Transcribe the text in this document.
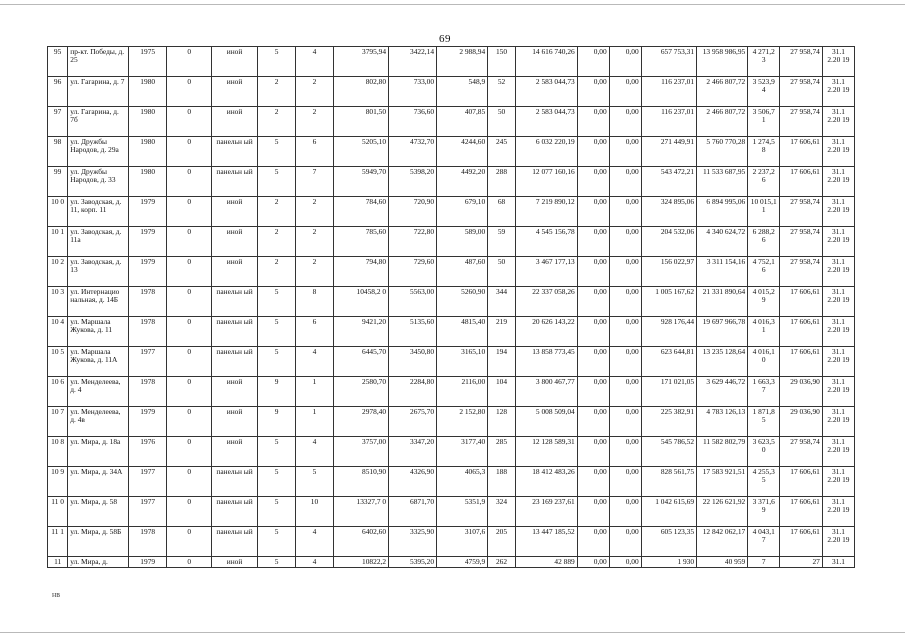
69
95	пр-кт. Победы, д. 25	1975	0	иной	5	4	3795,94	3422,14	2 988,94	150	14 616 740,26	0,00	0,00	657 753,31	13 958 986,95	4 271,2 3	27 958,74	31.1 2.20 19
96	ул. Гагарина, д. 7	1980	0	иной	2	2	802,80	733,00	548,9	52	2 583 044,73	0,00	0,00	116 237,01	2 466 807,72	3 523,9 4	27 958,74	31.1 2.20 19
97	ул. Гагарина, д. 7б	1980	0	иной	2	2	801,50	736,60	407,85	50	2 583 044,73	0,00	0,00	116 237,01	2 466 807,72	3 506,7 1	27 958,74	31.1 2.20 19
98	ул. Дружбы Народов, д. 29а	1980	0	панельн ый	5	6	5205,10	4732,70	4244,60	245	6 032 220,19	0,00	0,00	271 449,91	5 760 770,28	1 274,5 8	17 606,61	31.1 2.20 19
99	ул. Дружбы Народов, д. 33	1980	0	панельн ый	5	7	5949,70	5398,20	4492,20	288	12 077 160,16	0,00	0,00	543 472,21	11 533 687,95	2 237,2 6	17 606,61	31.1 2.20 19
10 0	ул. Заводская, д. 11, корп. 11	1979	0	иной	2	2	784,60	720,90	679,10	68	7 219 890,12	0,00	0,00	324 895,06	6 894 995,06	10 015,1 1	27 958,74	31.1 2.20 19
10 1	ул. Заводская, д. 11а	1979	0	иной	2	2	785,60	722,80	589,00	59	4 545 156,78	0,00	0,00	204 532,06	4 340 624,72	6 288,2 6	27 958,74	31.1 2.20 19
10 2	ул. Заводская, д. 13	1979	0	иной	2	2	794,80	729,60	487,60	50	3 467 177,13	0,00	0,00	156 022,97	3 311 154,16	4 752,1 6	27 958,74	31.1 2.20 19
10 3	ул. Интернацио нальная, д. 14Б	1978	0	панельн ый	5	8	10458,2 0	5563,00	5260,90	344	22 337 058,26	0,00	0,00	1 005 167,62	21 331 890,64	4 015,2 9	17 606,61	31.1 2.20 19
10 4	ул. Маршала Жукова, д. 11	1978	0	панельн ый	5	6	9421,20	5135,60	4815,40	219	20 626 143,22	0,00	0,00	928 176,44	19 697 966,78	4 016,3 1	17 606,61	31.1 2.20 19
10 5	ул. Маршала Жукова, д. 11А	1977	0	панельн ый	5	4	6445,70	3450,80	3165,10	194	13 858 773,45	0,00	0,00	623 644,81	13 235 128,64	4 016,1 0	17 606,61	31.1 2.20 19
10 6	ул. Менделеева, д. 4	1978	0	иной	9	1	2580,70	2284,80	2116,00	104	3 800 467,77	0,00	0,00	171 021,05	3 629 446,72	1 663,3 7	29 036,90	31.1 2.20 19
10 7	ул. Менделеева, д. 4в	1979	0	иной	9	1	2978,40	2675,70	2 152,80	128	5 008 509,04	0,00	0,00	225 382,91	4 783 126,13	1 871,8 5	29 036,90	31.1 2.20 19
10 8	ул. Мира, д. 18а	1976	0	иной	5	4	3757,00	3347,20	3177,40	285	12 128 589,31	0,00	0,00	545 786,52	11 582 802,79	3 623,5 0	27 958,74	31.1 2.20 19
10 9	ул. Мира, д. 34А	1977	0	панельн ый	5	5	8510,90	4326,90	4065,3	188	18 412 483,26	0,00	0,00	828 561,75	17 583 921,51	4 255,3 5	17 606,61	31.1 2.20 19
11 0	ул. Мира, д. 58	1977	0	панельн ый	5	10	13327,7 0	6871,70	5351,9	324	23 169 237,61	0,00	0,00	1 042 615,69	22 126 621,92	3 371,6 9	17 606,61	31.1 2.20 19
11 1	ул. Мира, д. 58Б	1978	0	панельн ый	5	4	6402,60	3325,90	3107,6	205	13 447 185,52	0,00	0,00	605 123,35	12 842 062,17	4 043,1 7	17 606,61	31.1 2.20 19
11	ул. Мира, д.	1979	0	иной	5	4	10822,2	5395,20	4759,9	262	42 889	0,00	0,00	1 930	40 959	7	27	31.1
нв
